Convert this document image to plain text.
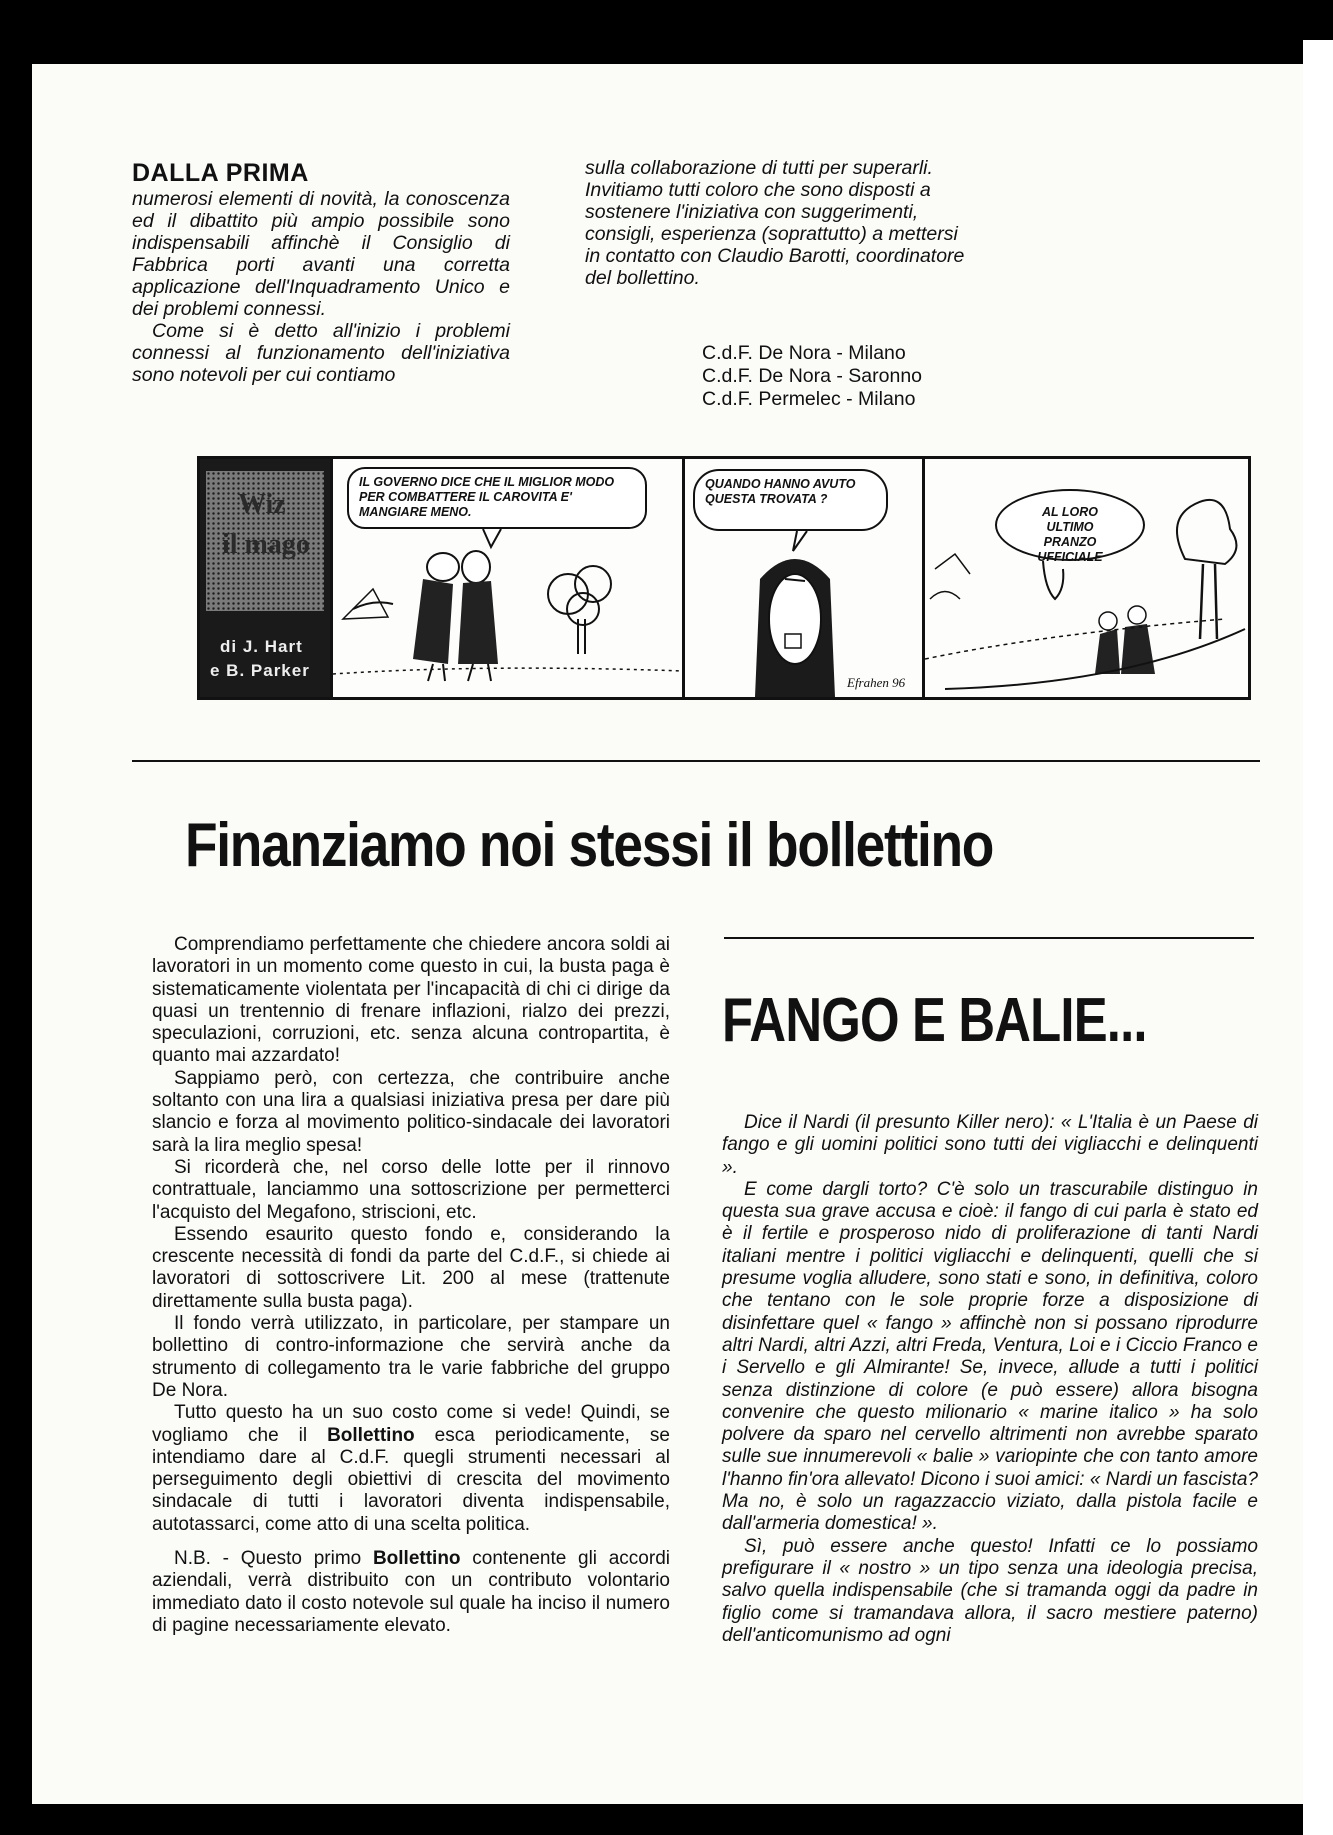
DALLA PRIMA

numerosi elementi di novità, la conoscenza ed il dibattito più ampio possibile sono indispensabili affinchè il Consiglio di Fabbrica porti avanti una corretta applicazione dell'Inquadramento Unico e dei problemi connessi.

Come si è detto all'inizio i problemi connessi al funzionamento dell'iniziativa sono notevoli per cui contiamo

sulla collaborazione di tutti per superarli. Invitiamo tutti coloro che sono disposti a sostenere l'iniziativa con suggerimenti, consigli, esperienza (soprattutto) a mettersi in contatto con Claudio Barotti, coordinatore del bollettino.

C.d.F. De Nora - Milano
C.d.F. De Nora - Saronno
C.d.F. Permelec - Milano
Wiz
il mago
di J. Hart
e B. Parker
IL GOVERNO DICE CHE IL MIGLIOR MODO PER COMBATTERE IL CAROVITA E' MANGIARE MENO.
QUANDO HANNO AVUTO QUESTA TROVATA ?
Efrahen 96
AL LORO ULTIMO PRANZO UFFICIALE
Finanziamo noi stessi il bollettino

Comprendiamo perfettamente che chiedere ancora soldi ai lavoratori in un momento come questo in cui, la busta paga è sistematicamente violentata per l'incapacità di chi ci dirige da quasi un trentennio di frenare inflazioni, rialzo dei prezzi, speculazioni, corruzioni, etc. senza alcuna contropartita, è quanto mai azzardato!

Sappiamo però, con certezza, che contribuire anche soltanto con una lira a qualsiasi iniziativa presa per dare più slancio e forza al movimento politico-sindacale dei lavoratori sarà la lira meglio spesa!

Si ricorderà che, nel corso delle lotte per il rinnovo contrattuale, lanciammo una sottoscrizione per permetterci l'acquisto del Megafono, striscioni, etc.

Essendo esaurito questo fondo e, considerando la crescente necessità di fondi da parte del C.d.F., si chiede ai lavoratori di sottoscrivere Lit. 200 al mese (trattenute direttamente sulla busta paga).

Il fondo verrà utilizzato, in particolare, per stampare un bollettino di contro-informazione che servirà anche da strumento di collegamento tra le varie fabbriche del gruppo De Nora.

Tutto questo ha un suo costo come si vede! Quindi, se vogliamo che il Bollettino esca periodicamente, se intendiamo dare al C.d.F. quegli strumenti necessari al perseguimento degli obiettivi di crescita del movimento sindacale di tutti i lavoratori diventa indispensabile, autotassarci, come atto di una scelta politica.

N.B. - Questo primo Bollettino contenente gli accordi aziendali, verrà distribuito con un contributo volontario immediato dato il costo notevole sul quale ha inciso il numero di pagine necessariamente elevato.

FANGO E BALIE...

Dice il Nardi (il presunto Killer nero): « L'Italia è un Paese di fango e gli uomini politici sono tutti dei vigliacchi e delinquenti ».

E come dargli torto? C'è solo un trascurabile distinguo in questa sua grave accusa e cioè: il fango di cui parla è stato ed è il fertile e prosperoso nido di proliferazione di tanti Nardi italiani mentre i politici vigliacchi e delinquenti, quelli che si presume voglia alludere, sono stati e sono, in definitiva, coloro che tentano con le sole proprie forze a disposizione di disinfettare quel « fango » affinchè non si possano riprodurre altri Nardi, altri Azzi, altri Freda, Ventura, Loi e i Ciccio Franco e i Servello e gli Almirante! Se, invece, allude a tutti i politici senza distinzione di colore (e può essere) allora bisogna convenire che questo milionario « marine italico » ha solo polvere da sparo nel cervello altrimenti non avrebbe sparato sulle sue innumerevoli « balie » variopinte che con tanto amore l'hanno fin'ora allevato! Dicono i suoi amici: « Nardi un fascista? Ma no, è solo un ragazzaccio viziato, dalla pistola facile e dall'armeria domestica! ».

Sì, può essere anche questo! Infatti ce lo possiamo prefigurare il « nostro » un tipo senza una ideologia precisa, salvo quella indispensabile (che si tramanda oggi da padre in figlio come si tramandava allora, il sacro mestiere paterno) dell'anticomunismo ad ogni
